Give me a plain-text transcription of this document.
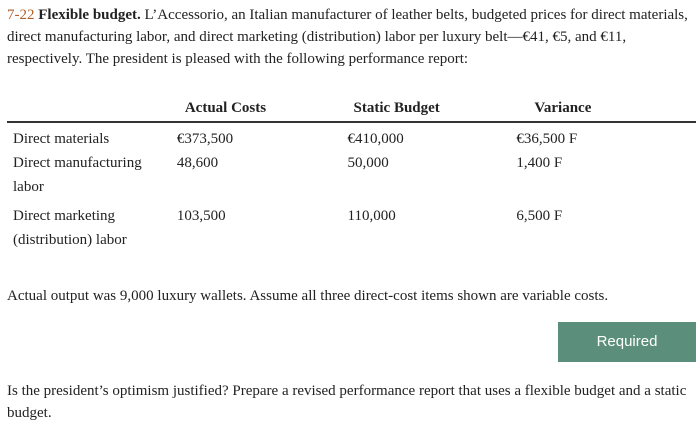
7-22 Flexible budget. L’Accessorio, an Italian manufacturer of leather belts, budgeted prices for direct materials, direct manufacturing labor, and direct marketing (distribution) labor per luxury belt—€41, €5, and €11, respectively. The president is pleased with the following performance report:
	Actual Costs	Static Budget	Variance
Direct materials	€373,500	€410,000	€36,500 F
Direct manufacturing labor	48,600	50,000	1,400 F
Direct marketing (distribution) labor	103,500	110,000	6,500 F
Actual output was 9,000 luxury wallets. Assume all three direct-cost items shown are variable costs.
Required
Is the president’s optimism justified? Prepare a revised performance report that uses a flexible budget and a static budget.
